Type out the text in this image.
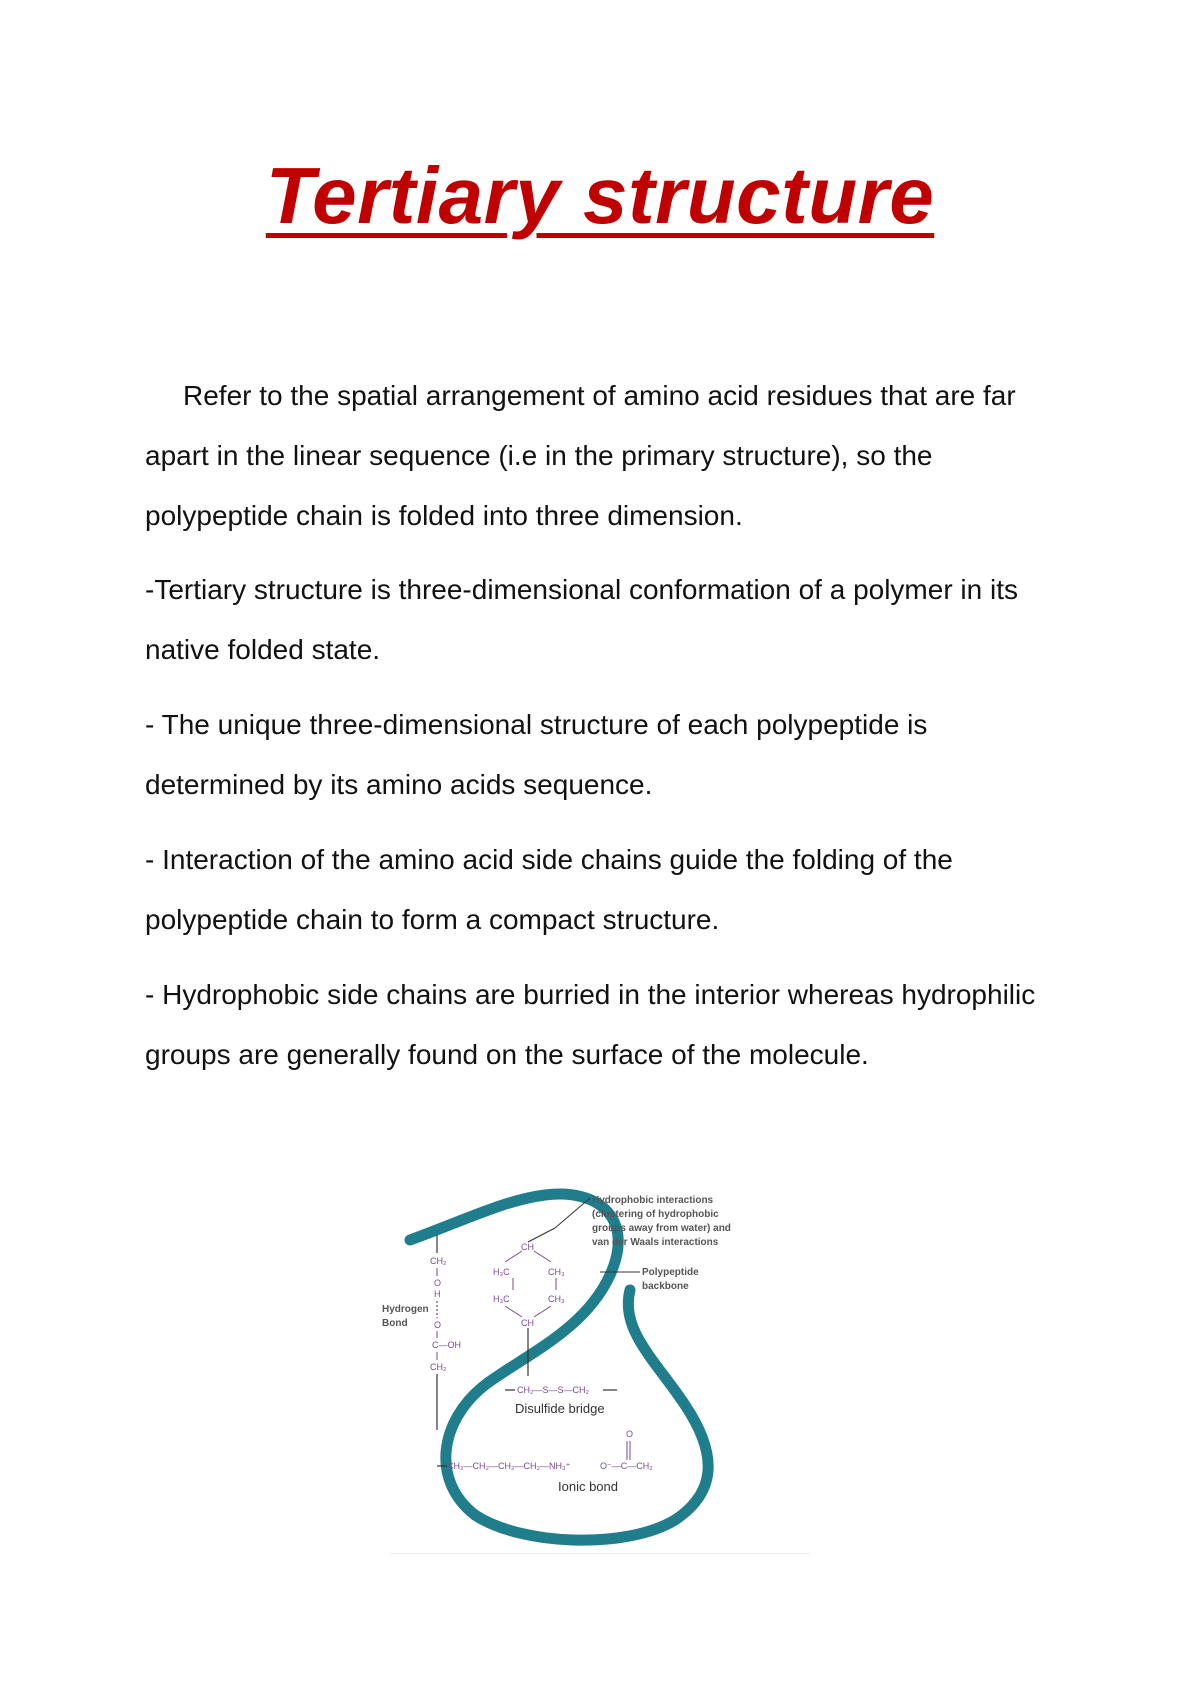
Tertiary structure

Refer to the spatial arrangement of amino acid residues that are far apart in the linear sequence (i.e in the primary structure), so the polypeptide chain is folded into three dimension.

-Tertiary structure is three-dimensional conformation of a polymer in its native folded state.

- The unique three-dimensional structure of each polypeptide is determined by its amino acids sequence.

- Interaction of the amino acid side chains guide the folding of the polypeptide chain to form a compact structure.

- Hydrophobic side chains are burried in the interior whereas hydrophilic groups are generally found on the surface of the molecule.

CH
H₃C	CH₃
H₃C	CH₃
CH
CH₂
O
H
O
C—OH
CH₂
CH₂—S—S—CH₂
Disulfide bridge
CH₂—CH₂—CH₂—CH₂—NH₃⁺	O⁻—C—CH₂
O
Ionic bond
Hydrophobic interactions
(clustering of hydrophobic
groups away from water) and
van der Waals interactions
Polypeptide
backbone
Hydrogen
Bond
